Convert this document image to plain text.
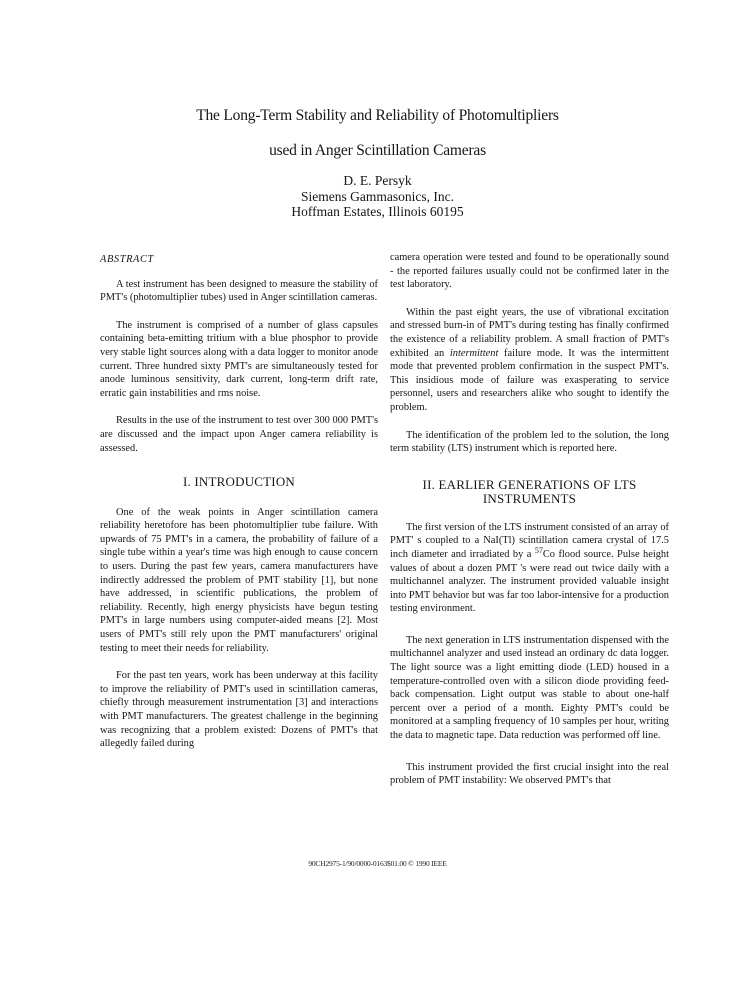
The Long-Term Stability and Reliability of Photomultipliers
used in Anger Scintillation Cameras
D. E. Persyk
Siemens Gammasonics, Inc.
Hoffman Estates, Illinois 60195
ABSTRACT

A test instrument has been designed to measure the stability of PMT's (photomultiplier tubes) used in Anger scintillation cameras.

The instrument is comprised of a number of glass capsules containing beta-emitting tritium with a blue phosphor to provide very stable light sources along with a data logger to monitor anode current. Three hundred sixty PMT's are simultaneously tested for anode luminous sensitivity, dark current, long-term drift rate, erratic gain instabilities and rms noise.

Results in the use of the instrument to test over 300 000 PMT's are discussed and the impact upon Anger camera reliability is assessed.

I. INTRODUCTION

One of the weak points in Anger scintillation camera reliability heretofore has been photomultiplier tube failure. With upwards of 75 PMT's in a camera, the probability of failure of a single tube within a year's time was high enough to cause concern to users. During the past few years, camera manufacturers have indirectly addressed the problem of PMT stability [1], but none have addressed, in scientific publications, the problem of reliability. Recently, high energy physicists have begun testing PMT's in large numbers using computer-aided means [2]. Most users of PMT's still rely upon the PMT manufacturers' original testing to meet their needs for reliability.

For the past ten years, work has been underway at this facility to improve the reliability of PMT's used in scintillation cameras, chiefly through measurement instrumentation [3] and interactions with PMT manufacturers. The greatest challenge in the beginning was recognizing that a problem existed: Dozens of PMT's that allegedly failed during

camera operation were tested and found to be operationally sound - the reported failures usually could not be confirmed later in the test laboratory.

Within the past eight years, the use of vibrational excitation and stressed burn-in of PMT's during testing has finally confirmed the existence of a reliability problem. A small fraction of PMT's exhibited an intermittent failure mode. It was the intermittent mode that prevented problem confirmation in the suspect PMT's. This insidious mode of failure was exasperating to service personnel, users and researchers alike who sought to identify the problem.

The identification of the problem led to the solution, the long term stability (LTS) instrument which is reported here.

II. EARLIER GENERATIONS OF LTS
INSTRUMENTS

The first version of the LTS instrument consisted of an array of PMT' s coupled to a NaI(Tl) scintillation camera crystal of 17.5 inch diameter and irradiated by a $^{57}$Co flood source. Pulse height values of about a dozen PMT 's were read out twice daily with a multichannel analyzer. The instrument provided valuable insight into PMT behavior but was far too labor-intensive for a production testing environment.

The next generation in LTS instrumentation dispensed with the multichannel analyzer and used instead an ordinary dc data logger. The light source was a light emitting diode (LED) housed in a temperature-controlled oven with a silicon diode providing feed-back compensation. Light output was stable to about one-half percent over a period of a month. Eighty PMT's could be monitored at a sampling frequency of 10 samples per hour, writing the data to magnetic tape. Data reduction was performed off line.

This instrument provided the first crucial insight into the real problem of PMT instability: We observed PMT's that

90CH2975-1/90/0000-0163$01.00 © 1990 IEEE
